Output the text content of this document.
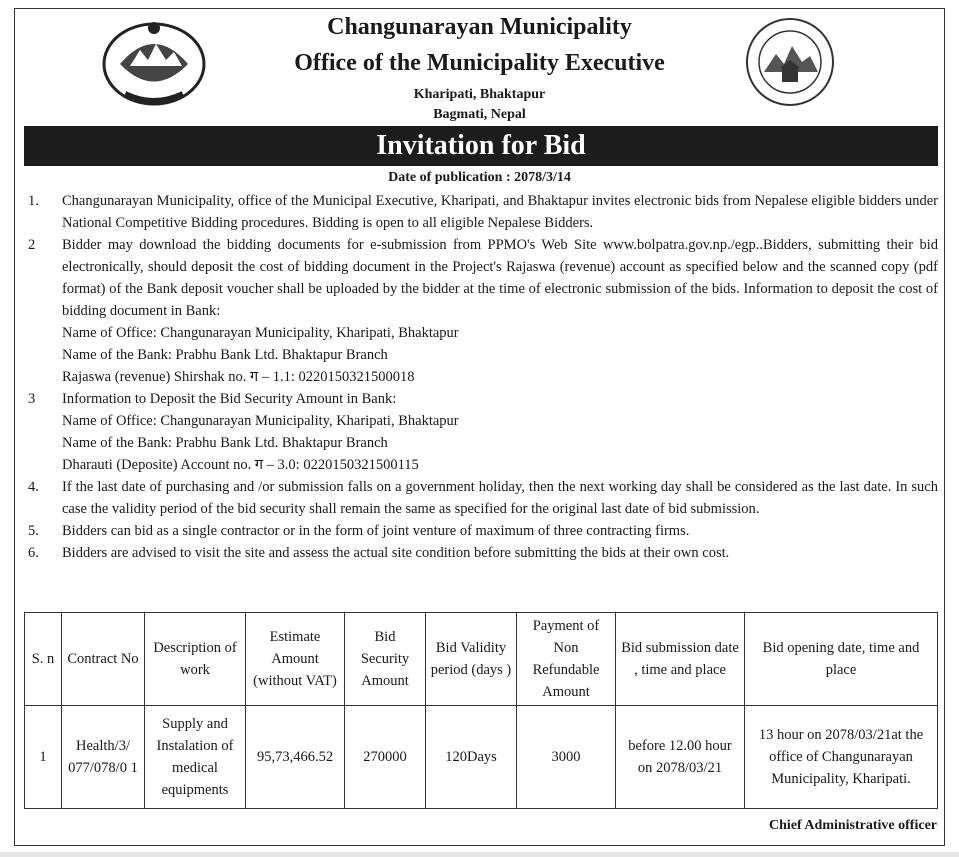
Changunarayan Municipality
Office of the Municipality Executive
Kharipati, Bhaktapur
Bagmati, Nepal
Invitation for Bid
Date of publication : 2078/3/14
1. Changunarayan Municipality, office of the Municipal Executive, Kharipati, and Bhaktapur invites electronic bids from Nepalese eligible bidders under National Competitive Bidding procedures. Bidding is open to all eligible Nepalese Bidders.
2 Bidder may download the bidding documents for e-submission from PPMO's Web Site www.bolpatra.gov.np./egp..Bidders, submitting their bid electronically, should deposit the cost of bidding document in the Project's Rajaswa (revenue) account as specified below and the scanned copy (pdf format) of the Bank deposit voucher shall be uploaded by the bidder at the time of electronic submission of the bids. Information to deposit the cost of bidding document in Bank:
Name of Office: Changunarayan Municipality, Kharipati, Bhaktapur
Name of the Bank: Prabhu Bank Ltd. Bhaktapur Branch
Rajaswa (revenue) Shirshak no. ग – 1.1: 0220150321500018
3 Information to Deposit the Bid Security Amount in Bank:
Name of Office: Changunarayan Municipality, Kharipati, Bhaktapur
Name of the Bank: Prabhu Bank Ltd. Bhaktapur Branch
Dharauti (Deposite) Account no. ग – 3.0: 0220150321500115
4. If the last date of purchasing and /or submission falls on a government holiday, then the next working day shall be considered as the last date. In such case the validity period of the bid security shall remain the same as specified for the original last date of bid submission.
5. Bidders can bid as a single contractor or in the form of joint venture of maximum of three contracting firms.
6. Bidders are advised to visit the site and assess the actual site condition before submitting the bids at their own cost.
S. n	Contract No	Description of work	Estimate Amount (without VAT)	Bid Security Amount	Bid Validity period (days )	Payment of Non Refundable Amount	Bid submission date , time and place	Bid opening date, time and place
1	Health/3/ 077/078/0 1	Supply and Instalation of medical equipments	95,73,466.52	270000	120Days	3000	before 12.00 hour on 2078/03/21	13 hour on 2078/03/21at the office of Changunarayan Municipality, Kharipati.
Chief Administrative officer
